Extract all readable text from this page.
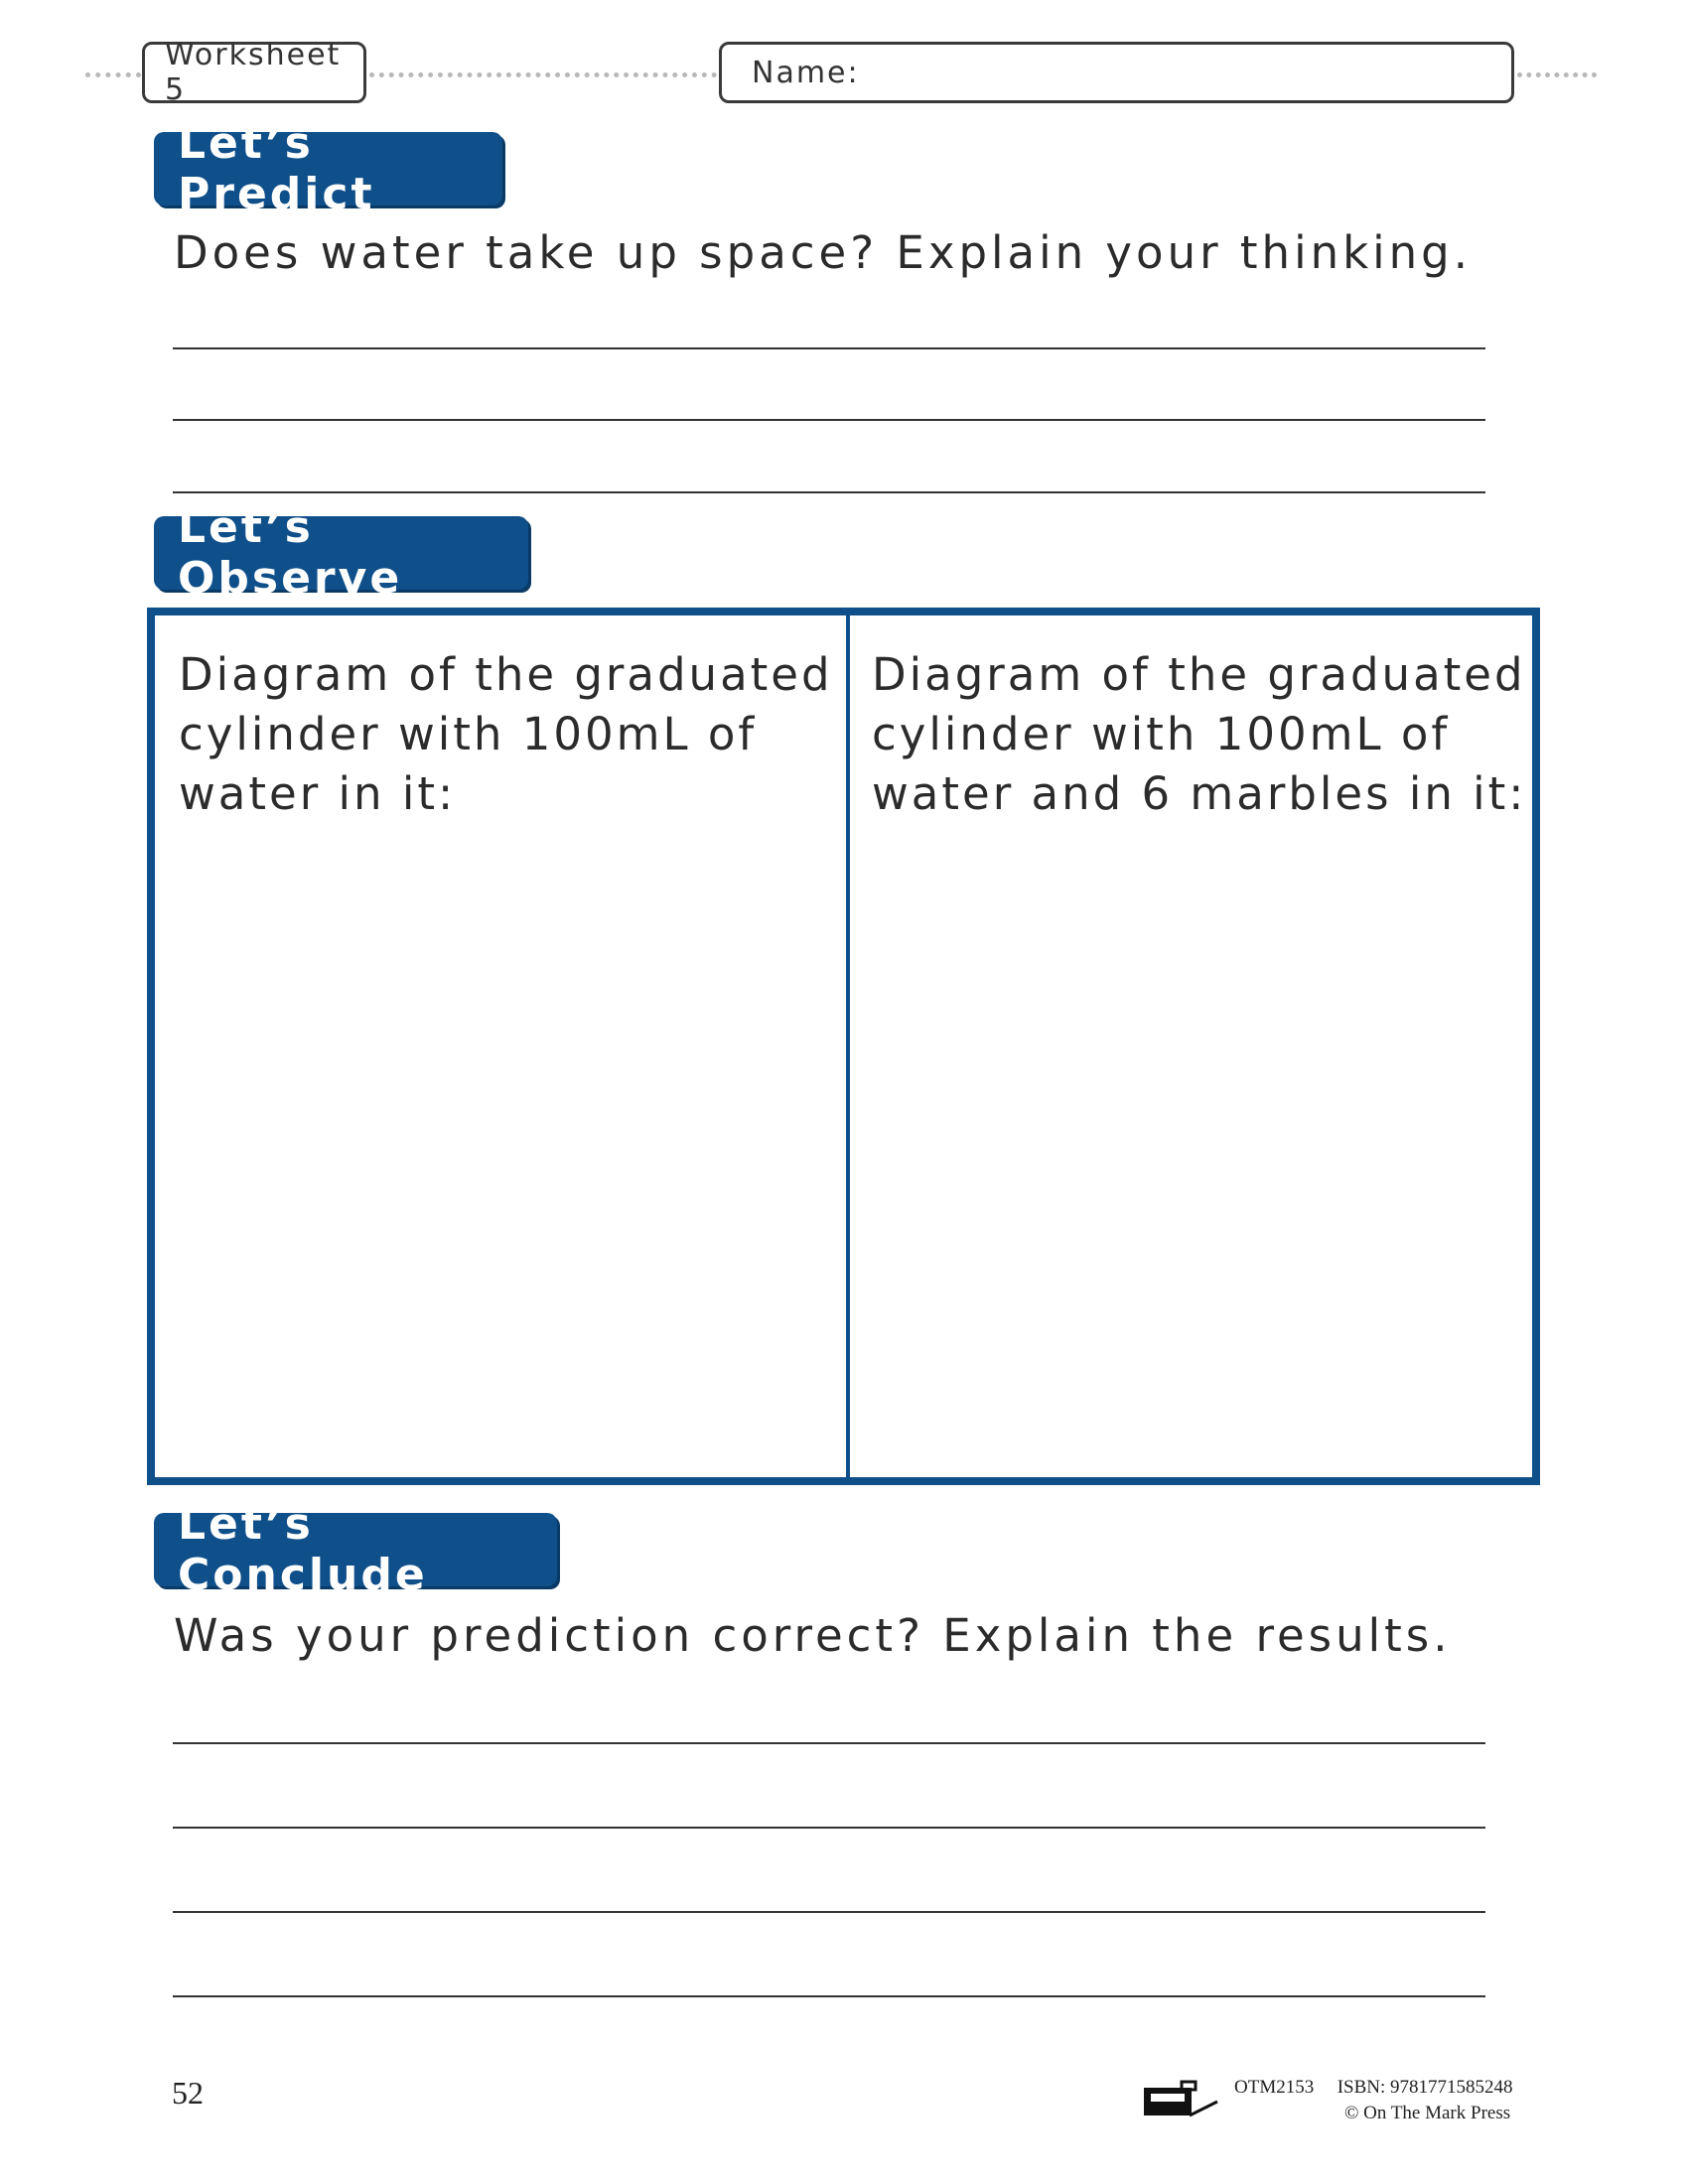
Worksheet 5	Name:
Let’s Predict
Does water take up space? Explain your thinking.
Let’s Observe
Diagram of the graduated
cylinder with 100mL of
water in it:
Diagram of the graduated
cylinder with 100mL of
water and 6 marbles in it:
Let’s Conclude
Was your prediction correct? Explain the results.
52	OTM2153 ISBN: 9781771585248
© On The Mark Press
